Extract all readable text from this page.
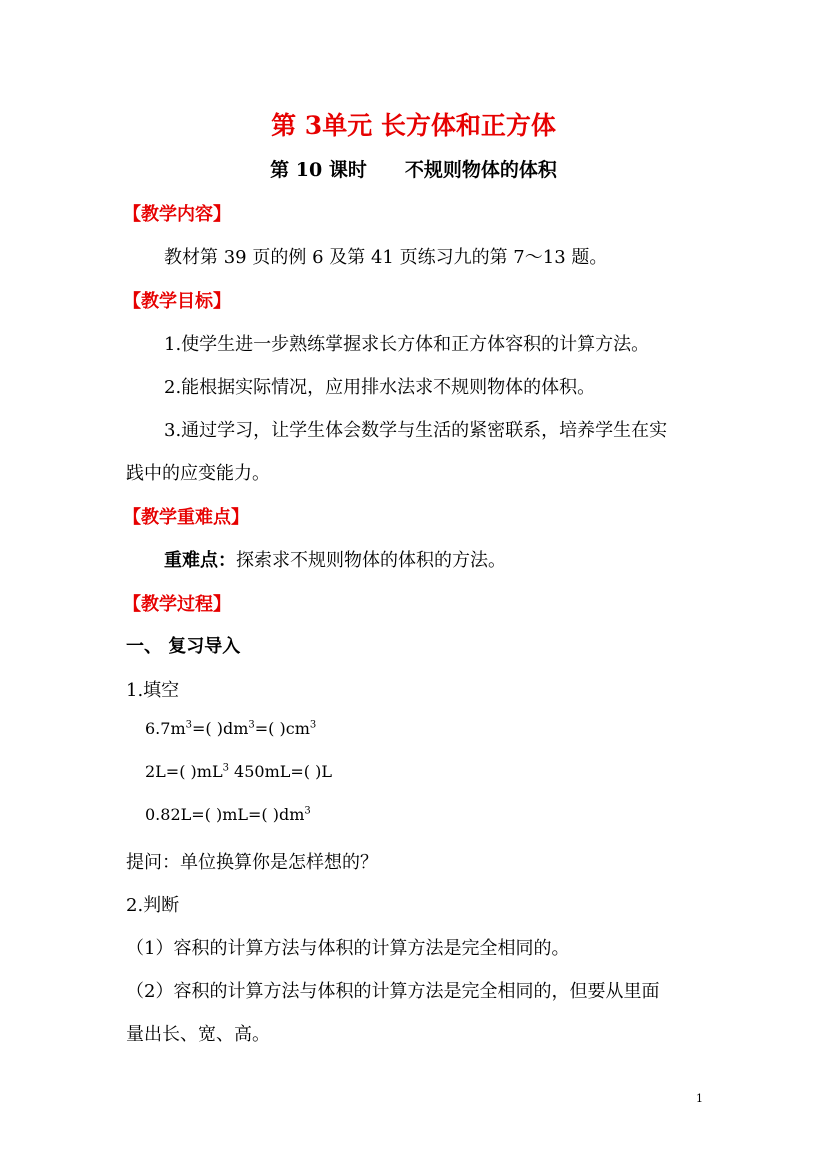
第 3单元 长方体和正方体
第 10 课时 不规则物体的体积
【教学内容】
教材第 39 页的例 6 及第 41 页练习九的第 7～13 题。
【教学目标】
1.使学生进一步熟练掌握求长方体和正方体容积的计算方法。
2.能根据实际情况，应用排水法求不规则物体的体积。
3.通过学习，让学生体会数学与生活的紧密联系，培养学生在实
践中的应变能力。
【教学重难点】
重难点：探索求不规则物体的体积的方法。
【教学过程】
一、 复习导入
1.填空
$6.7m^3=$( )$dm^3=$( )$cm^3$
2L=( )$mL^3$ 450mL=( )L
0.82L=( )mL=( )$dm^3$
提问：单位换算你是怎样想的？
2.判断
（1）容积的计算方法与体积的计算方法是完全相同的。
（2）容积的计算方法与体积的计算方法是完全相同的，但要从里面
量出长、宽、高。
1
